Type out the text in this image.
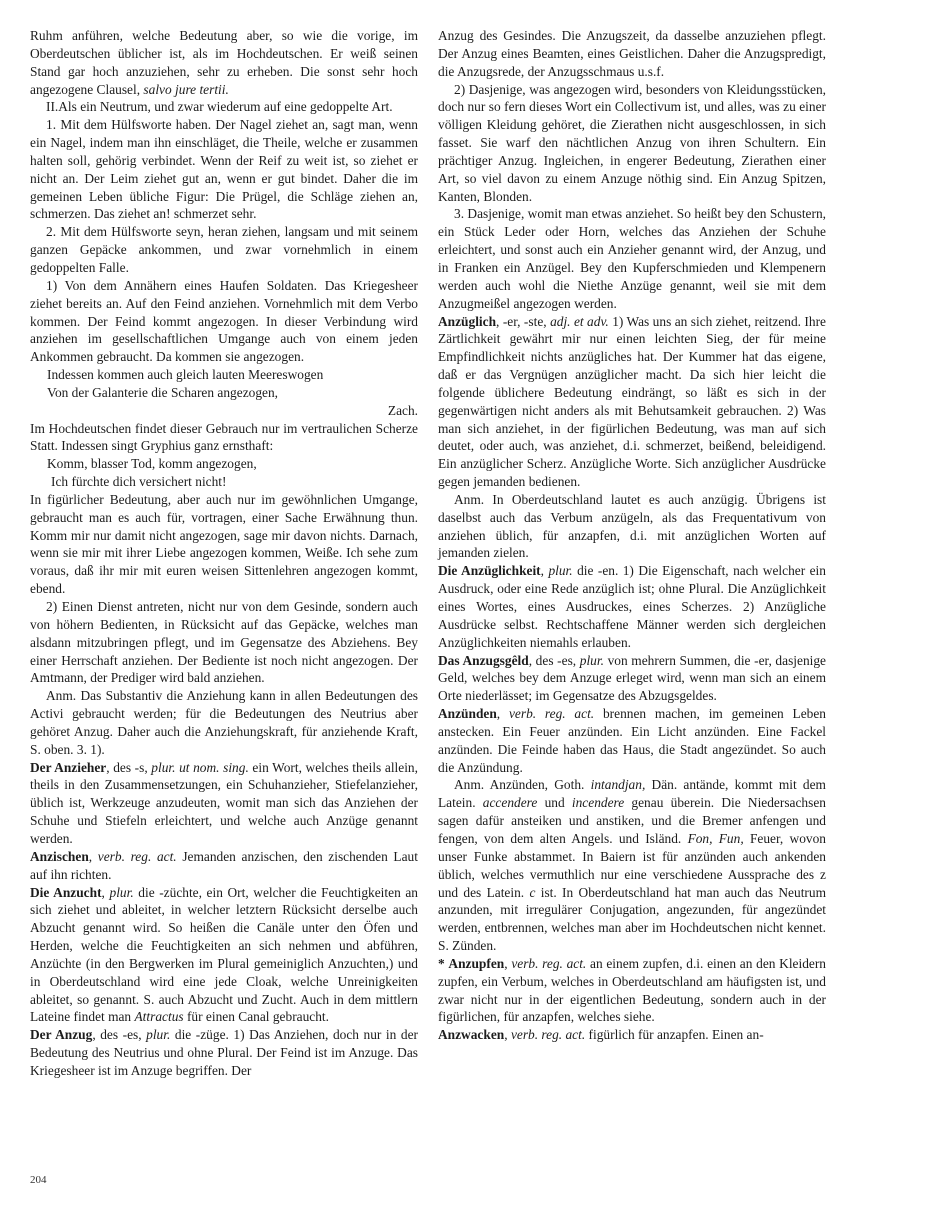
Ruhm anführen, welche Bedeutung aber, so wie die vorige, im Oberdeutschen üblicher ist, als im Hochdeutschen. Er weiß seinen Stand gar hoch anzuziehen, sehr zu erheben. Die sonst sehr hoch angezogene Clausel, salvo jure tertii.

II.Als ein Neutrum, und zwar wiederum auf eine gedoppelte Art.

1. Mit dem Hülfsworte haben. Der Nagel ziehet an, sagt man, wenn ein Nagel, indem man ihn einschläget, die Theile, welche er zusammen halten soll, gehörig verbindet. Wenn der Reif zu weit ist, so ziehet er nicht an. Der Leim ziehet gut an, wenn er gut bindet. Daher die im gemeinen Leben übliche Figur: Die Prügel, die Schläge ziehen an, schmerzen. Das ziehet an! schmerzet sehr.

2. Mit dem Hülfsworte seyn, heran ziehen, langsam und mit seinem ganzen Gepäcke ankommen, und zwar vornehmlich in einem gedoppelten Falle.

1) Von dem Annähern eines Haufen Soldaten. Das Kriegesheer ziehet bereits an. Auf den Feind anziehen. Vornehmlich mit dem Verbo kommen. Der Feind kommt angezogen. In dieser Verbindung wird anziehen im gesellschaftlichen Umgange auch von einem jeden Ankommen gebraucht. Da kommen sie angezogen.

Indessen kommen auch gleich lauten Meereswogen

Von der Galanterie die Scharen angezogen,

Zach.

Im Hochdeutschen findet dieser Gebrauch nur im vertraulichen Scherze Statt. Indessen singt Gryphius ganz ernsthaft:

Komm, blasser Tod, komm angezogen,

Ich fürchte dich versichert nicht!

In figürlicher Bedeutung, aber auch nur im gewöhnlichen Umgange, gebraucht man es auch für, vortragen, einer Sache Erwähnung thun. Komm mir nur damit nicht angezogen, sage mir davon nichts. Darnach, wenn sie mir mit ihrer Liebe angezogen kommen, Weiße. Ich sehe zum voraus, daß ihr mir mit euren weisen Sittenlehren angezogen kommt, ebend.

2) Einen Dienst antreten, nicht nur von dem Gesinde, sondern auch von höhern Bedienten, in Rücksicht auf das Gepäcke, welches man alsdann mitzubringen pflegt, und im Gegensatze des Abziehens. Bey einer Herrschaft anziehen. Der Bediente ist noch nicht angezogen. Der Amtmann, der Prediger wird bald anziehen.

Anm. Das Substantiv die Anziehung kann in allen Bedeutungen des Activi gebraucht werden; für die Bedeutungen des Neutrius aber gehöret Anzug. Daher auch die Anziehungskraft, für anziehende Kraft, S. oben. 3. 1).

Der Anzieher, des -s, plur. ut nom. sing. ein Wort, welches theils allein, theils in den Zusammensetzungen, ein Schuhanzieher, Stiefelanzieher, üblich ist, Werkzeuge anzudeuten, womit man sich das Anziehen der Schuhe und Stiefeln erleichtert, und welche auch Anzüge genannt werden.

Anzischen, verb. reg. act. Jemanden anzischen, den zischenden Laut auf ihn richten.

Die Anzucht, plur. die -züchte, ein Ort, welcher die Feuchtigkeiten an sich ziehet und ableitet, in welcher letztern Rücksicht derselbe auch Abzucht genannt wird. So heißen die Canäle unter den Öfen und Herden, welche die Feuchtigkeiten an sich nehmen und abführen, Anzüchte (in den Bergwerken im Plural gemeiniglich Anzuchten,) und in Oberdeutschland wird eine jede Cloak, welche Unreinigkeiten ableitet, so genannt. S. auch Abzucht und Zucht. Auch in dem mittlern Lateine findet man Attractus für einen Canal gebraucht.

Der Anzug, des -es, plur. die -züge. 1) Das Anziehen, doch nur in der Bedeutung des Neutrius und ohne Plural. Der Feind ist im Anzuge. Das Kriegesheer ist im Anzuge begriffen. Der

Anzug des Gesindes. Die Anzugszeit, da dasselbe anzuziehen pflegt. Der Anzug eines Beamten, eines Geistlichen. Daher die Anzugspredigt, die Anzugsrede, der Anzugsschmaus u.s.f.

2) Dasjenige, was angezogen wird, besonders von Kleidungsstücken, doch nur so fern dieses Wort ein Collectivum ist, und alles, was zu einer völligen Kleidung gehöret, die Zierathen nicht ausgeschlossen, in sich fasset. Sie warf den nächtlichen Anzug von ihren Schultern. Ein prächtiger Anzug. Ingleichen, in engerer Bedeutung, Zierathen einer Art, so viel davon zu einem Anzuge nöthig sind. Ein Anzug Spitzen, Kanten, Blonden.

3. Dasjenige, womit man etwas anziehet. So heißt bey den Schustern, ein Stück Leder oder Horn, welches das Anziehen der Schuhe erleichtert, und sonst auch ein Anzieher genannt wird, der Anzug, und in Franken ein Anzügel. Bey den Kupferschmieden und Klempenern werden auch wohl die Niethe Anzüge genannt, weil sie mit dem Anzugmeißel angezogen werden.

Anzüglich, -er, -ste, adj. et adv. 1) Was uns an sich ziehet, reitzend. Ihre Zärtlichkeit gewährt mir nur einen leichten Sieg, der für meine Empfindlichkeit nichts anzügliches hat. Der Kummer hat das eigene, daß er das Vergnügen anzüglicher macht. Da sich hier leicht die folgende üblichere Bedeutung eindrängt, so läßt es sich in der gegenwärtigen nicht anders als mit Behutsamkeit gebrauchen. 2) Was man sich anziehet, in der figürlichen Bedeutung, was man auf sich deutet, oder auch, was anziehet, d.i. schmerzet, beißend, beleidigend. Ein anzüglicher Scherz. Anzügliche Worte. Sich anzüglicher Ausdrücke gegen jemanden bedienen.

Anm. In Oberdeutschland lautet es auch anzügig. Übrigens ist daselbst auch das Verbum anzügeln, als das Frequentativum von anziehen üblich, für anzapfen, d.i. mit anzüglichen Worten auf jemanden zielen.

Die Anzüglichkeit, plur. die -en. 1) Die Eigenschaft, nach welcher ein Ausdruck, oder eine Rede anzüglich ist; ohne Plural. Die Anzüglichkeit eines Wortes, eines Ausdruckes, eines Scherzes. 2) Anzügliche Ausdrücke selbst. Rechtschaffene Männer werden sich dergleichen Anzüglichkeiten niemahls erlauben.

Das Anzugsgêld, des -es, plur. von mehrern Summen, die -er, dasjenige Geld, welches bey dem Anzuge erleget wird, wenn man sich an einem Orte niederlässet; im Gegensatze des Abzugsgeldes.

Anzünden, verb. reg. act. brennen machen, im gemeinen Leben anstecken. Ein Feuer anzünden. Ein Licht anzünden. Eine Fackel anzünden. Die Feinde haben das Haus, die Stadt angezündet. So auch die Anzündung.

Anm. Anzünden, Goth. intandjan, Dän. antände, kommt mit dem Latein. accendere und incendere genau überein. Die Niedersachsen sagen dafür ansteiken und anstiken, und die Bremer anfengen und fengen, von dem alten Angels. und Isländ. Fon, Fun, Feuer, wovon unser Funke abstammet. In Baiern ist für anzünden auch ankenden üblich, welches vermuthlich nur eine verschiedene Aussprache des z und des Latein. c ist. In Oberdeutschland hat man auch das Neutrum anzunden, mit irregulärer Conjugation, angezunden, für angezündet werden, entbrennen, welches man aber im Hochdeutschen nicht kennet. S. Zünden.

* Anzupfen, verb. reg. act. an einem zupfen, d.i. einen an den Kleidern zupfen, ein Verbum, welches in Oberdeutschland am häufigsten ist, und zwar nicht nur in der eigentlichen Bedeutung, sondern auch in der figürlichen, für anzapfen, welches siehe.

Anzwacken, verb. reg. act. figürlich für anzapfen. Einen an-

204
